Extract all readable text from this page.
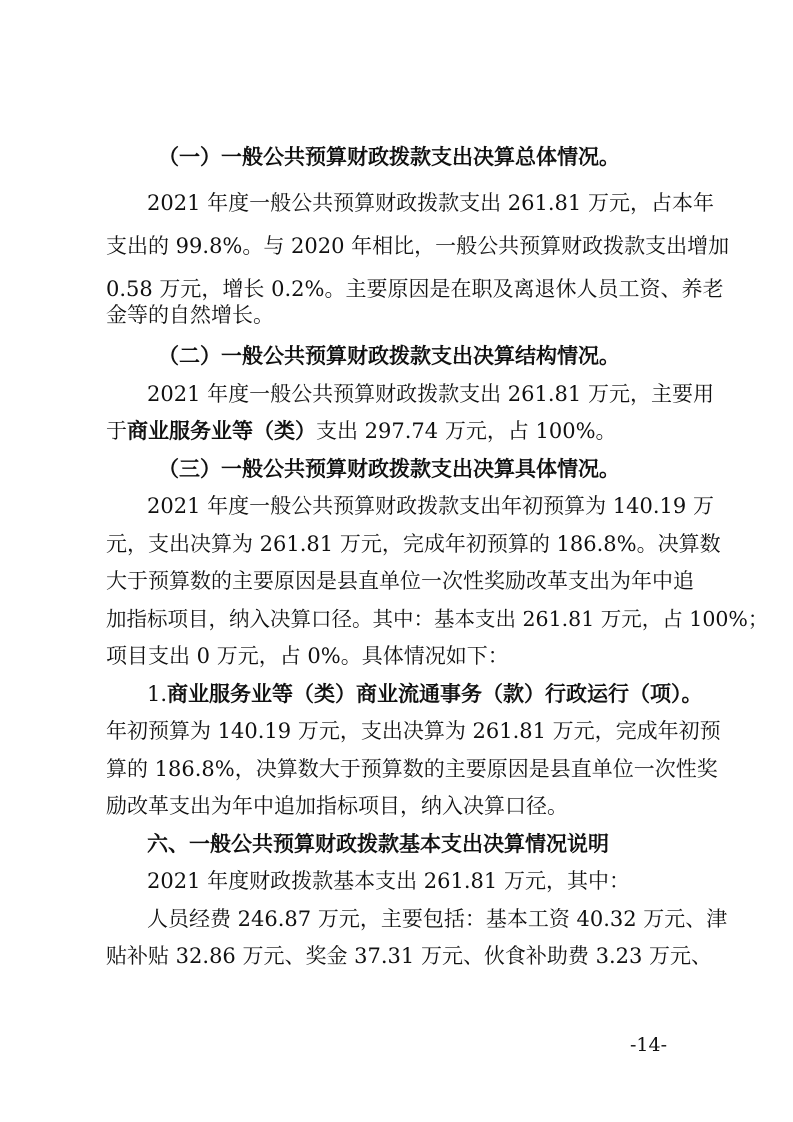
（一）一般公共预算财政拨款支出决算总体情况。
2021 年度一般公共预算财政拨款支出 261.81 万元，占本年
支出的 99.8%。与 2020 年相比，一般公共预算财政拨款支出增加
0.58 万元，增长 0.2%。主要原因是在职及离退休人员工资、养老
金等的自然增长。
（二）一般公共预算财政拨款支出决算结构情况。
2021 年度一般公共预算财政拨款支出 261.81 万元，主要用
于商业服务业等（类）支出 297.74 万元，占 100%。
（三）一般公共预算财政拨款支出决算具体情况。
2021 年度一般公共预算财政拨款支出年初预算为 140.19 万
元，支出决算为 261.81 万元，完成年初预算的 186.8%。决算数
大于预算数的主要原因是县直单位一次性奖励改革支出为年中追
加指标项目，纳入决算口径。其中：基本支出 261.81 万元，占 100%；
项目支出 0 万元，占 0%。具体情况如下：
1.商业服务业等（类）商业流通事务（款）行政运行（项）。
年初预算为 140.19 万元，支出决算为 261.81 万元，完成年初预
算的 186.8%，决算数大于预算数的主要原因是县直单位一次性奖
励改革支出为年中追加指标项目，纳入决算口径。
六、一般公共预算财政拨款基本支出决算情况说明
2021 年度财政拨款基本支出 261.81 万元，其中：
人员经费 246.87 万元，主要包括：基本工资 40.32 万元、津
贴补贴 32.86 万元、奖金 37.31 万元、伙食补助费 3.23 万元、
-14-
